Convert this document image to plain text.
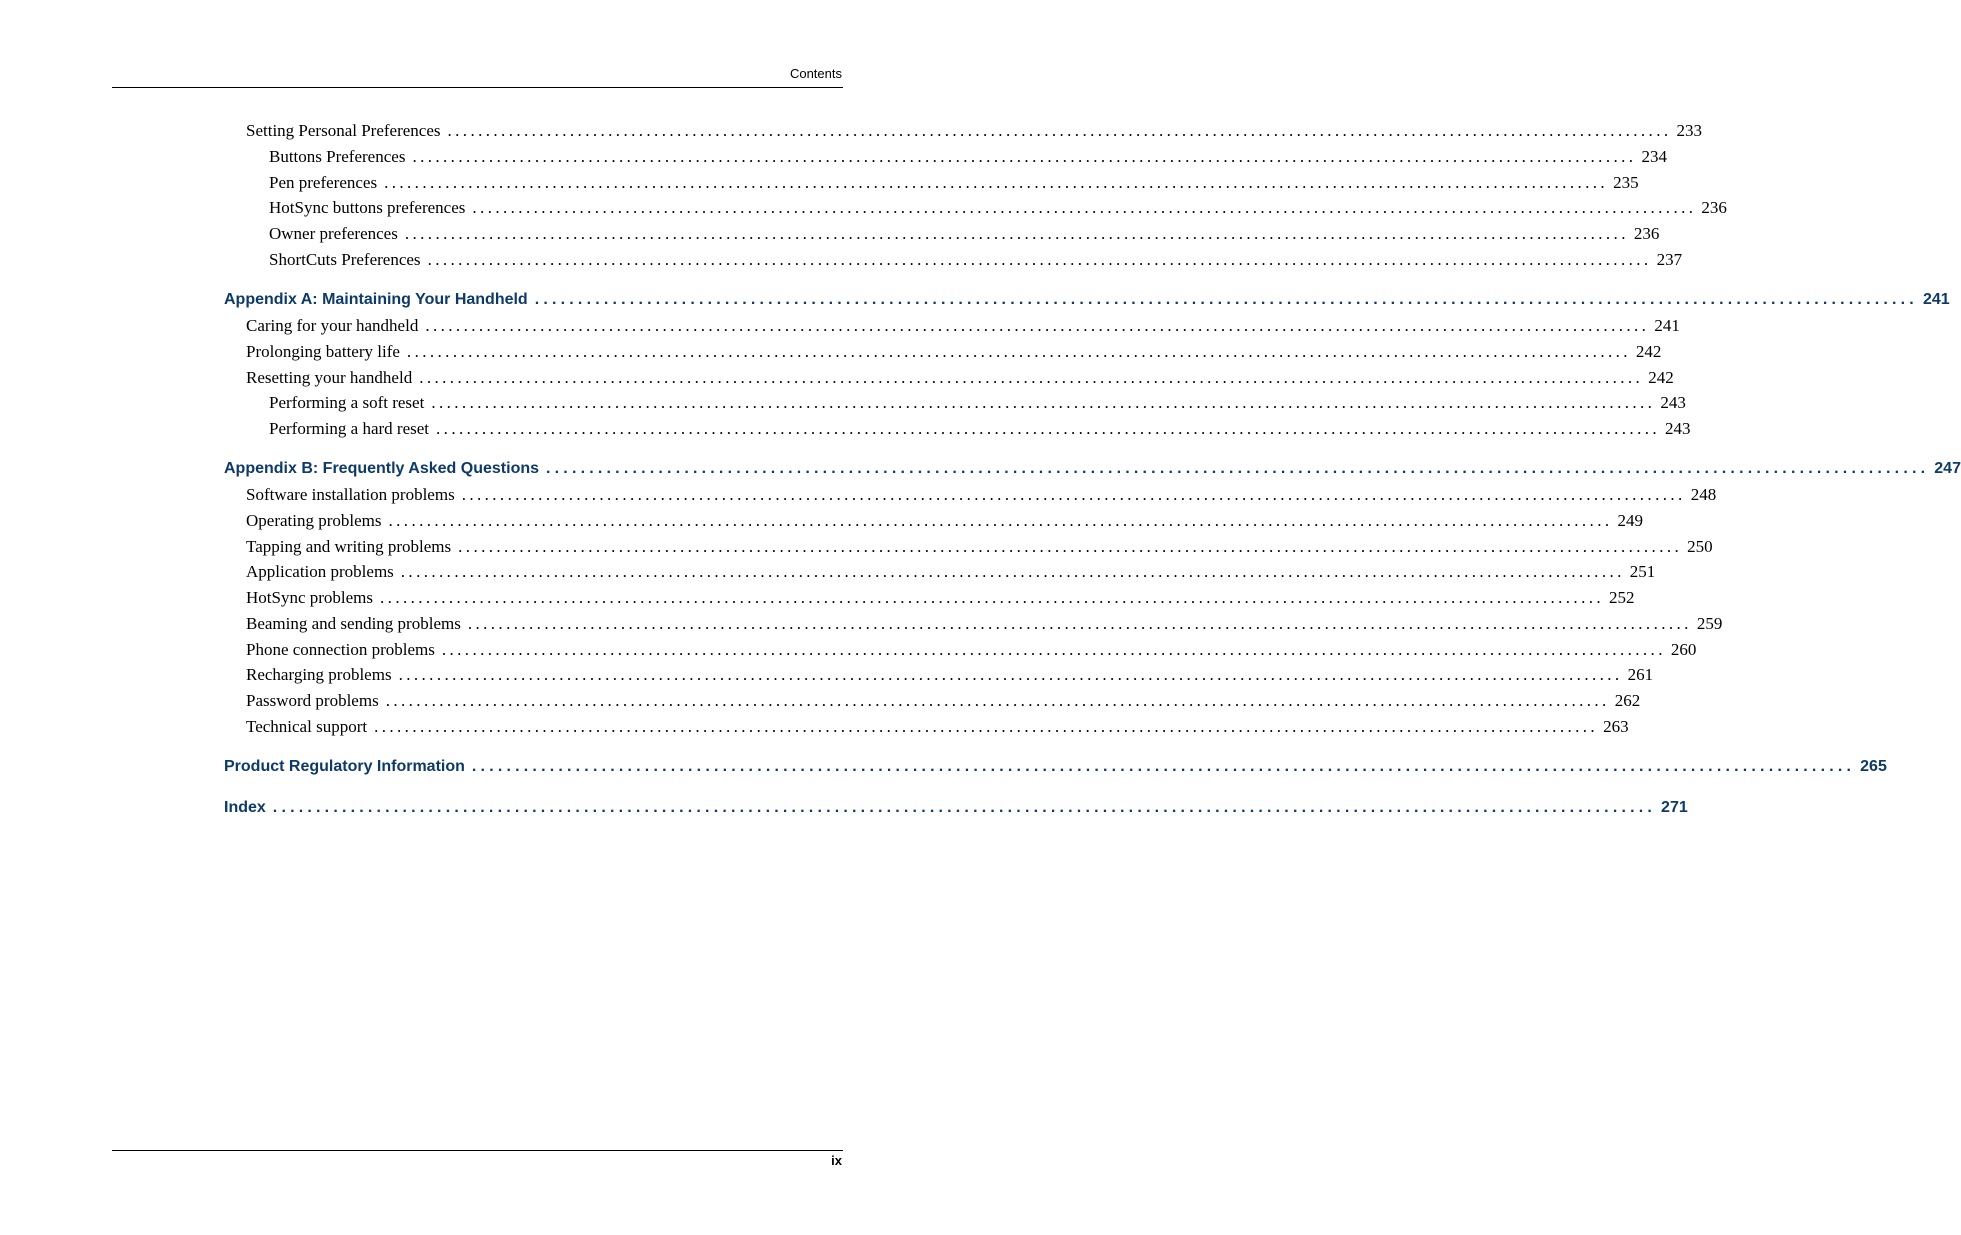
Contents
Setting Personal Preferences ................................................................................................................................................................ 233
Buttons Preferences ................................................................................................................................................................ 234
Pen preferences ................................................................................................................................................................ 235
HotSync buttons preferences ................................................................................................................................................................ 236
Owner preferences ................................................................................................................................................................ 236
ShortCuts Preferences ................................................................................................................................................................ 237
Appendix A: Maintaining Your Handheld ................................................................................................................................................................ 241
Caring for your handheld ................................................................................................................................................................ 241
Prolonging battery life ................................................................................................................................................................ 242
Resetting your handheld ................................................................................................................................................................ 242
Performing a soft reset ................................................................................................................................................................ 243
Performing a hard reset ................................................................................................................................................................ 243
Appendix B: Frequently Asked Questions ................................................................................................................................................................ 247
Software installation problems ................................................................................................................................................................ 248
Operating problems ................................................................................................................................................................ 249
Tapping and writing problems ................................................................................................................................................................ 250
Application problems ................................................................................................................................................................ 251
HotSync problems ................................................................................................................................................................ 252
Beaming and sending problems ................................................................................................................................................................ 259
Phone connection problems ................................................................................................................................................................ 260
Recharging problems ................................................................................................................................................................ 261
Password problems ................................................................................................................................................................ 262
Technical support ................................................................................................................................................................ 263
Product Regulatory Information ................................................................................................................................................................ 265
Index ................................................................................................................................................................ 271
ix
